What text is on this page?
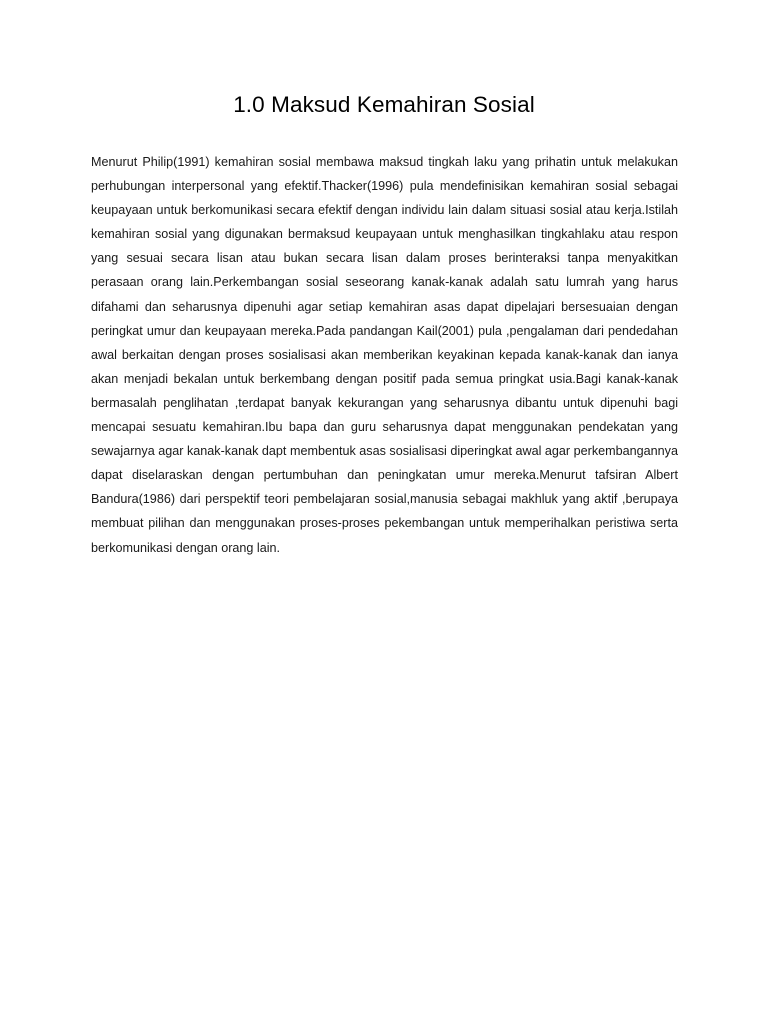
1.0 Maksud Kemahiran Sosial

Menurut Philip(1991) kemahiran sosial membawa maksud tingkah laku yang prihatin untuk melakukan perhubungan interpersonal yang efektif.Thacker(1996) pula mendefinisikan kemahiran sosial sebagai keupayaan untuk berkomunikasi secara efektif dengan individu lain dalam situasi sosial atau kerja.Istilah kemahiran sosial yang digunakan bermaksud keupayaan untuk menghasilkan tingkahlaku atau respon yang sesuai secara lisan atau bukan secara lisan dalam proses berinteraksi tanpa menyakitkan perasaan orang lain.Perkembangan sosial seseorang kanak-kanak adalah satu lumrah yang harus difahami dan seharusnya dipenuhi agar setiap kemahiran asas dapat dipelajari bersesuaian dengan peringkat umur dan keupayaan mereka.Pada pandangan Kail(2001) pula ,pengalaman dari pendedahan awal berkaitan dengan proses sosialisasi akan memberikan keyakinan kepada kanak-kanak dan ianya akan menjadi bekalan untuk berkembang dengan positif pada semua pringkat usia.Bagi kanak-kanak bermasalah penglihatan ,terdapat banyak kekurangan yang seharusnya dibantu untuk dipenuhi bagi mencapai sesuatu kemahiran.Ibu bapa dan guru seharusnya dapat menggunakan pendekatan yang sewajarnya agar kanak-kanak dapt membentuk asas sosialisasi diperingkat awal agar perkembangannya dapat diselaraskan dengan pertumbuhan dan peningkatan umur mereka.Menurut tafsiran Albert Bandura(1986) dari perspektif teori pembelajaran sosial,manusia sebagai makhluk yang aktif ,berupaya membuat pilihan dan menggunakan proses-proses pekembangan untuk memperihalkan peristiwa serta berkomunikasi dengan orang lain.
